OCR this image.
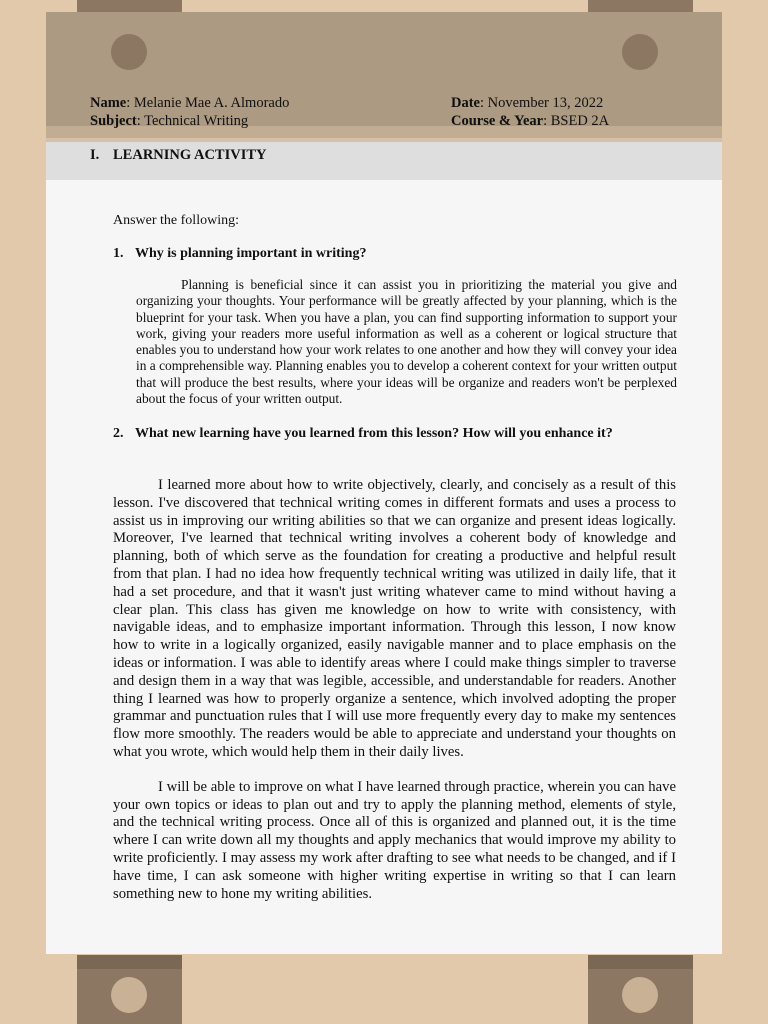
Name: Melanie Mae A. Almorado
Subject: Technical Writing
Date: November 13, 2022
Course & Year: BSED 2A
I. LEARNING ACTIVITY
Answer the following:
1. Why is planning important in writing?
Planning is beneficial since it can assist you in prioritizing the material you give and organizing your thoughts. Your performance will be greatly affected by your planning, which is the blueprint for your task. When you have a plan, you can find supporting information to support your work, giving your readers more useful information as well as a coherent or logical structure that enables you to understand how your work relates to one another and how they will convey your idea in a comprehensible way. Planning enables you to develop a coherent context for your written output that will produce the best results, where your ideas will be organize and readers won't be perplexed about the focus of your written output.
2. What new learning have you learned from this lesson? How will you enhance it?

I learned more about how to write objectively, clearly, and concisely as a result of this lesson. I've discovered that technical writing comes in different formats and uses a process to assist us in improving our writing abilities so that we can organize and present ideas logically. Moreover, I've learned that technical writing involves a coherent body of knowledge and planning, both of which serve as the foundation for creating a productive and helpful result from that plan. I had no idea how frequently technical writing was utilized in daily life, that it had a set procedure, and that it wasn't just writing whatever came to mind without having a clear plan. This class has given me knowledge on how to write with consistency, with navigable ideas, and to emphasize important information. Through this lesson, I now know how to write in a logically organized, easily navigable manner and to place emphasis on the ideas or information. I was able to identify areas where I could make things simpler to traverse and design them in a way that was legible, accessible, and understandable for readers. Another thing I learned was how to properly organize a sentence, which involved adopting the proper grammar and punctuation rules that I will use more frequently every day to make my sentences flow more smoothly. The readers would be able to appreciate and understand your thoughts on what you wrote, which would help them in their daily lives.

I will be able to improve on what I have learned through practice, wherein you can have your own topics or ideas to plan out and try to apply the planning method, elements of style, and the technical writing process. Once all of this is organized and planned out, it is the time where I can write down all my thoughts and apply mechanics that would improve my ability to write proficiently. I may assess my work after drafting to see what needs to be changed, and if I have time, I can ask someone with higher writing expertise in writing so that I can learn something new to hone my writing abilities.
